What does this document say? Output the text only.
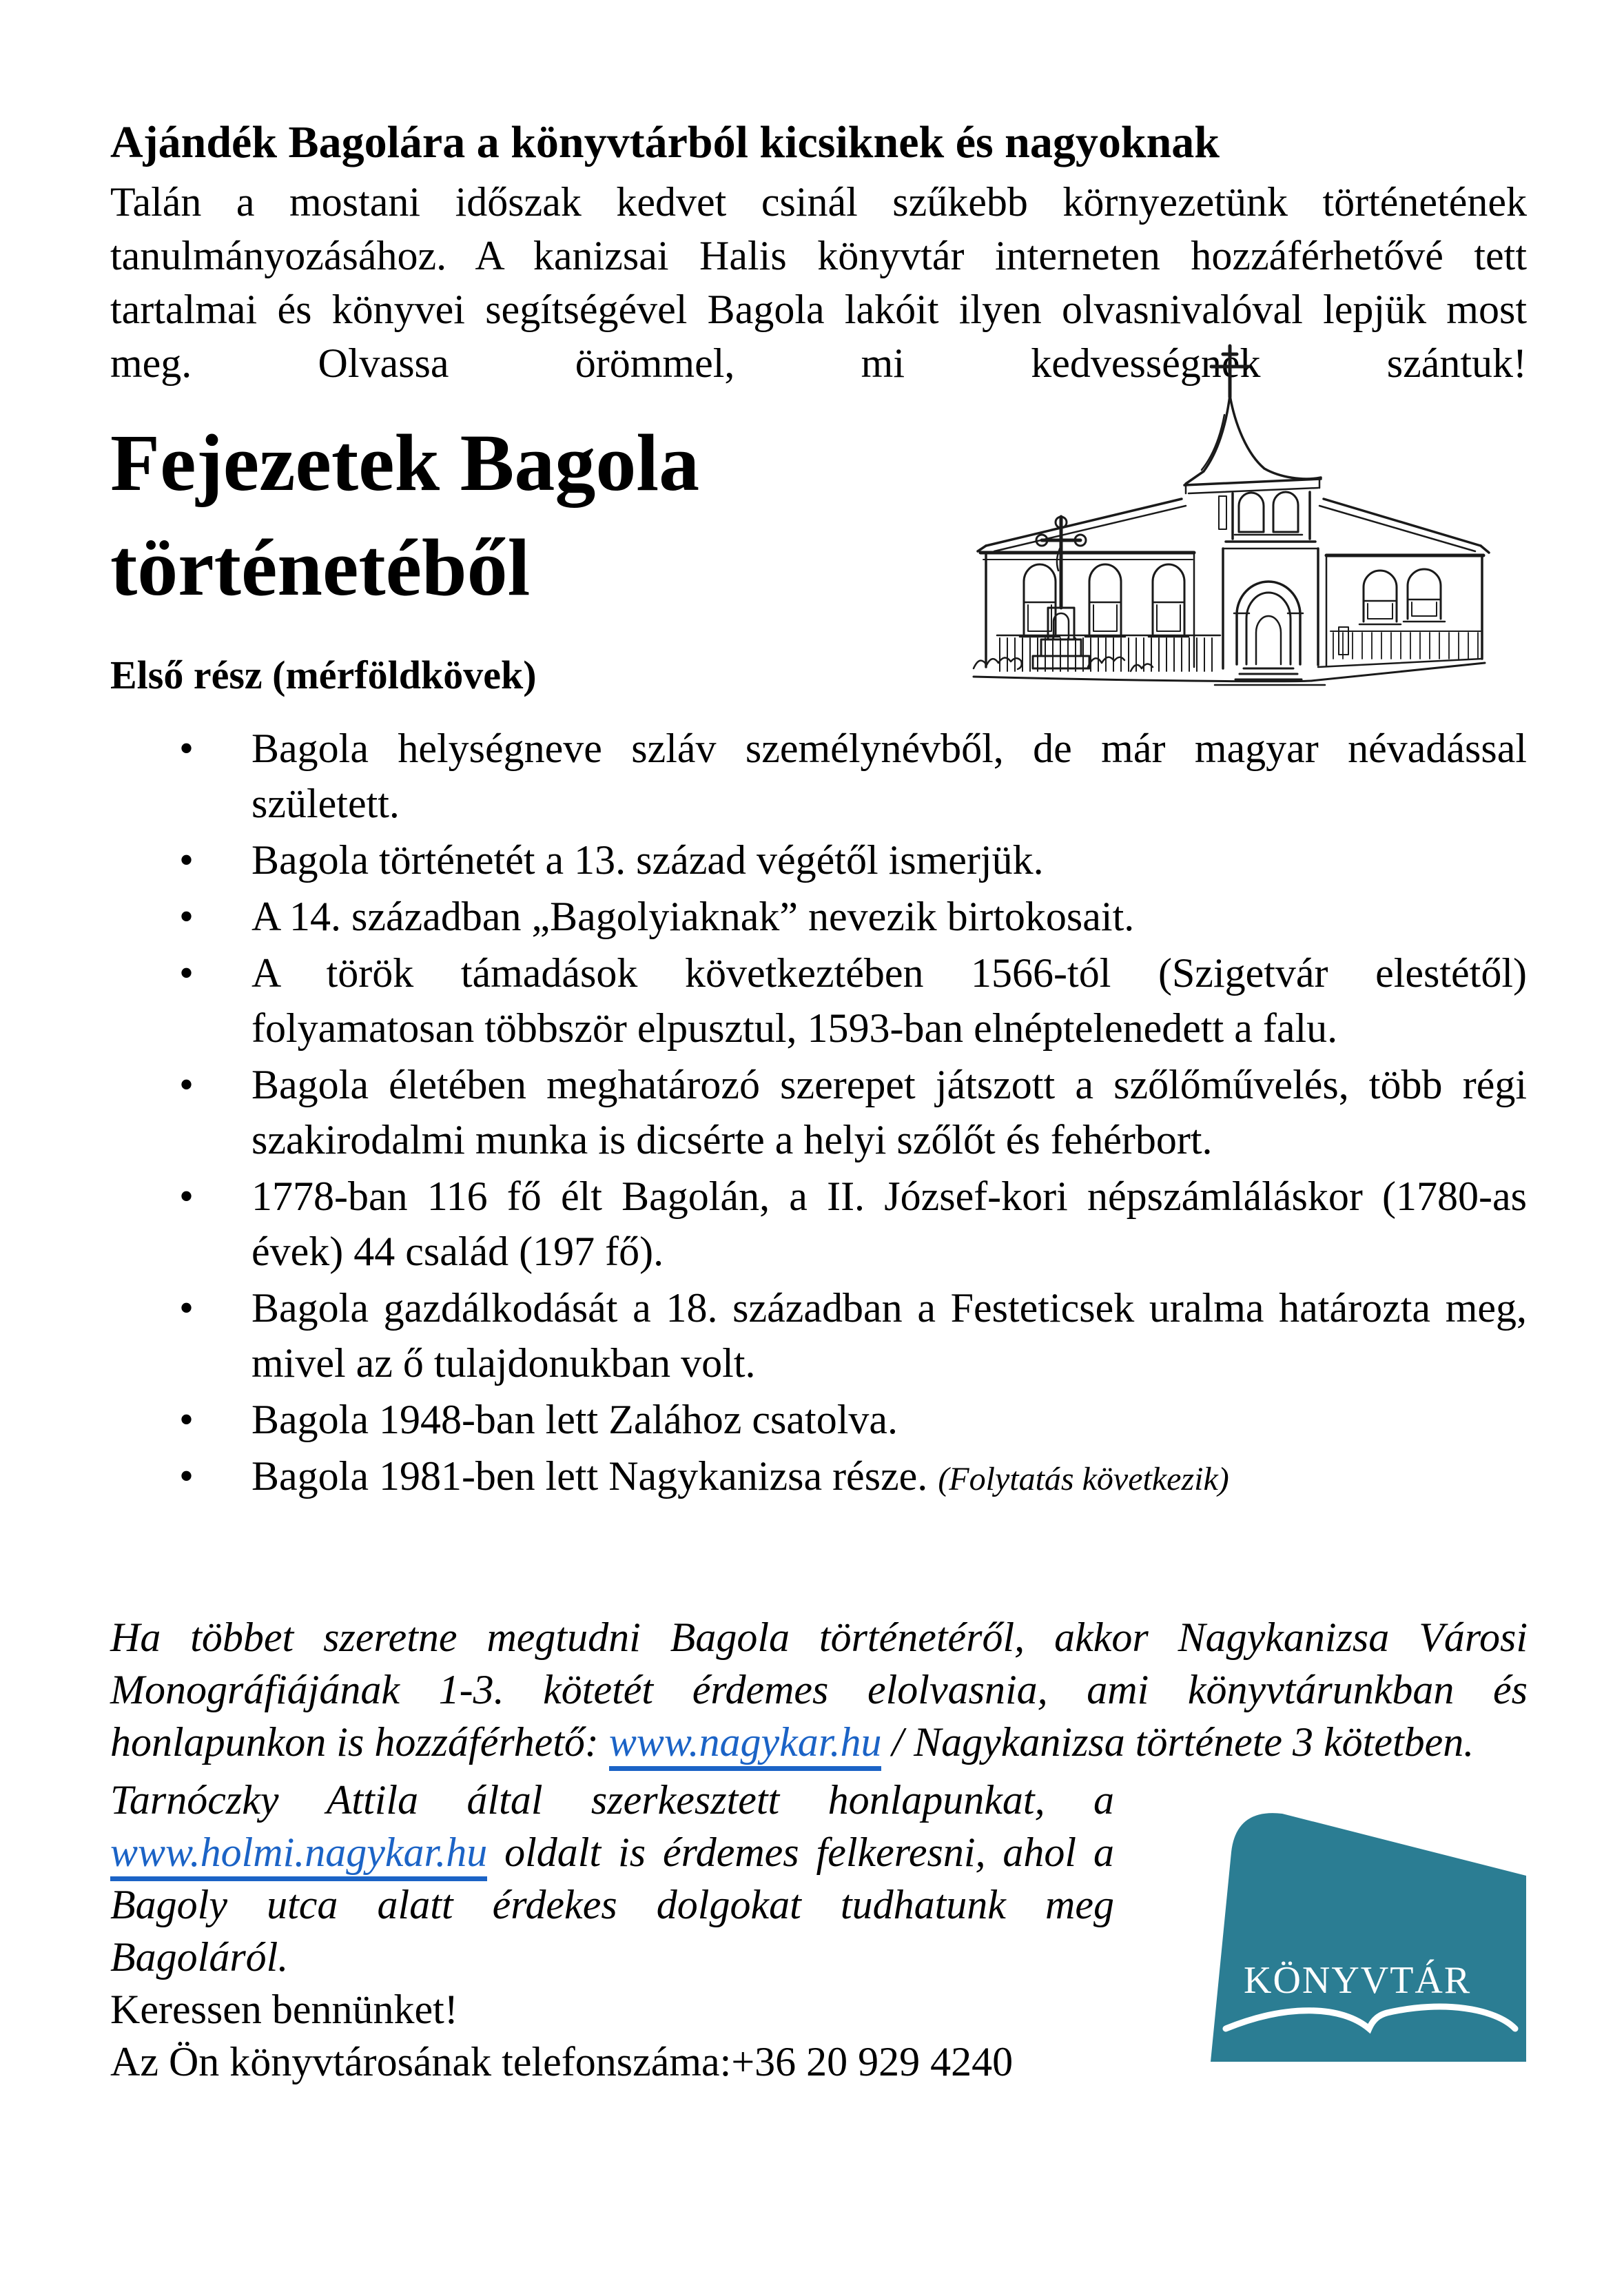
Ajándék Bagolára a könyvtárból kicsiknek és nagyoknak

Talán a mostani időszak kedvet csinál szűkebb környezetünk történetének tanulmányozásához. A kanizsai Halis könyvtár interneten hozzáférhetővé tett tartalmai és könyvei segítségével Bagola lakóit ilyen olvasnivalóval lepjük most meg. Olvassa örömmel, mi kedvességnek szántuk!

Fejezetek Bagola történetéből
Első rész (mérföldkövek)
• Bagola helységneve szláv személynévből, de már magyar névadással született.
• Bagola történetét a 13. század végétől ismerjük.
• A 14. században „Bagolyiaknak” nevezik birtokosait.
• A török támadások következtében 1566-tól (Szigetvár elestétől) folyamatosan többször elpusztul, 1593-ban elnéptelenedett a falu.
• Bagola életében meghatározó szerepet játszott a szőlőművelés, több régi szakirodalmi munka is dicsérte a helyi szőlőt és fehérbort.
• 1778-ban 116 fő élt Bagolán, a II. József-kori népszámláláskor (1780-as évek) 44 család (197 fő).
• Bagola gazdálkodását a 18. században a Festeticsek uralma határozta meg, mivel az ő tulajdonukban volt.
• Bagola 1948-ban lett Zalához csatolva.
• Bagola 1981-ben lett Nagykanizsa része. (Folytatás következik)

Ha többet szeretne megtudni Bagola történetéről, akkor Nagykanizsa Városi Monográfiájának 1-3. kötetét érdemes elolvasnia, ami könyvtárunkban és honlapunkon is hozzáférhető: www.nagykar.hu / Nagykanizsa története 3 kötetben.

KÖNYVTÁR

Tarnóczky Attila által szerkesztett honlapunkat, a www.holmi.nagykar.hu oldalt is érdemes felkeresni, ahol a Bagoly utca alatt érdekes dolgokat tudhatunk meg Bagoláról.

Keressen bennünket!

Az Ön könyvtárosának telefonszáma:+36 20 929 4240
